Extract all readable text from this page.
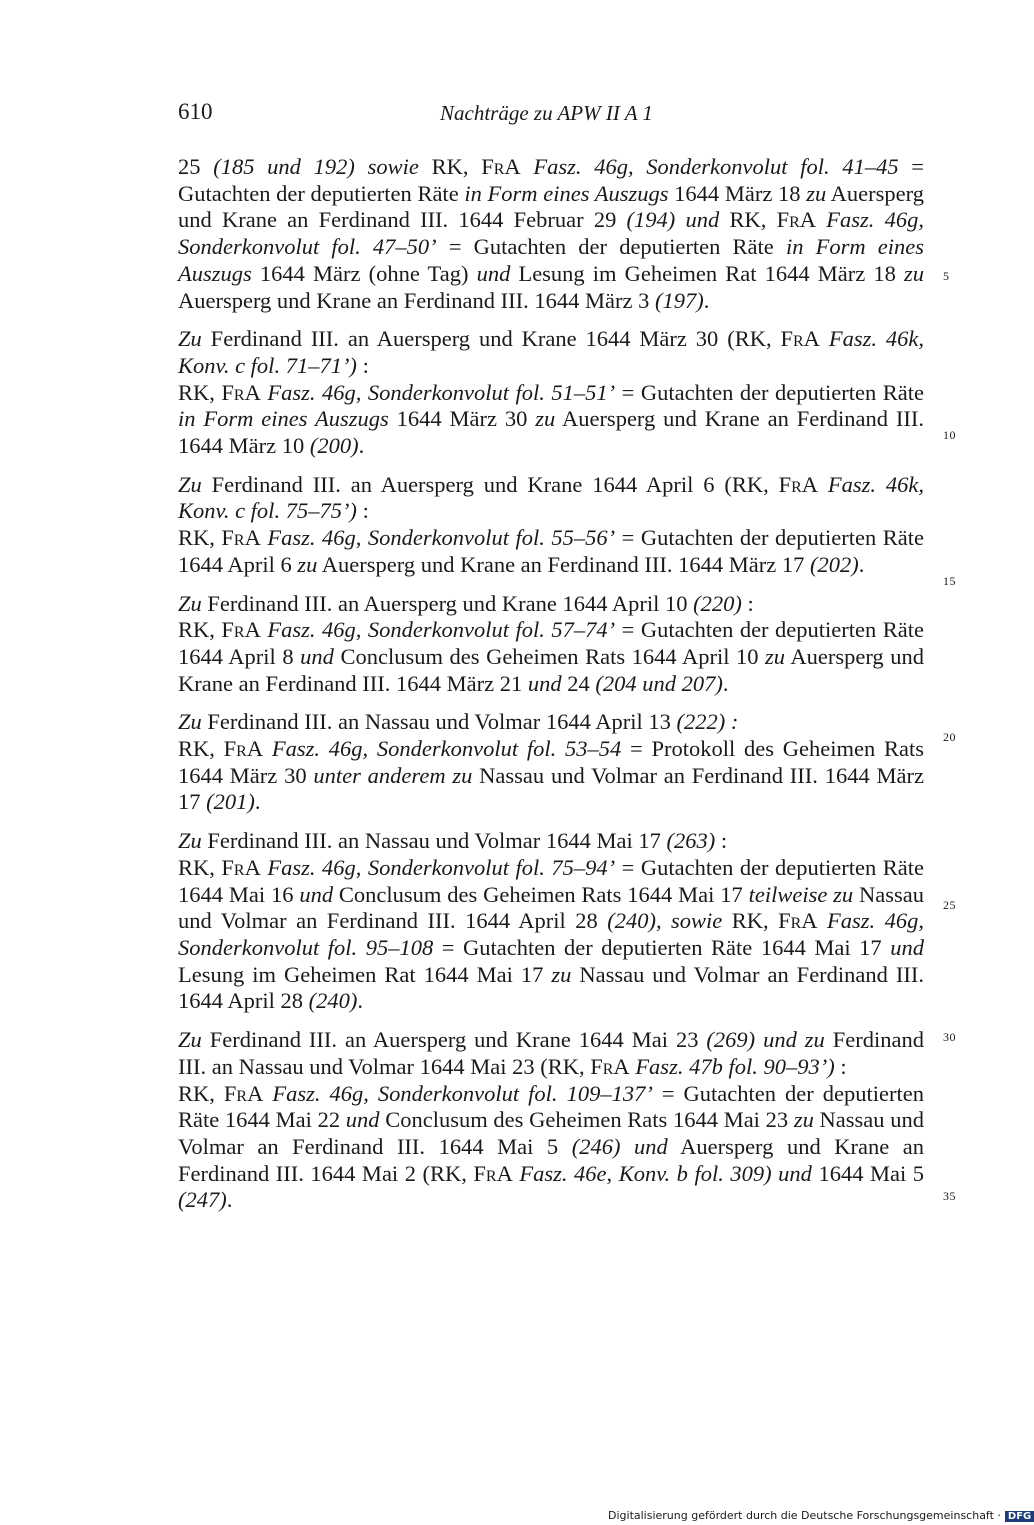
610	Nachträge zu APW II A 1

25 (185 und 192) sowie RK, FrA Fasz. 46g, Sonderkonvolut fol. 41–45 = Gutachten der deputierten Räte in Form eines Auszugs 1644 März 18 zu Auersperg und Krane an Ferdinand III. 1644 Februar 29 (194) und RK, FrA Fasz. 46g, Sonderkonvolut fol. 47–50’ = Gutachten der deputierten Räte in Form eines Auszugs 1644 März (ohne Tag) und Lesung im Geheimen Rat 1644 März 18 zu Auersperg und Krane an Ferdinand III. 1644 März 3 (197).

Zu Ferdinand III. an Auersperg und Krane 1644 März 30 (RK, FrA Fasz. 46k, Konv. c fol. 71–71’) :

RK, FrA Fasz. 46g, Sonderkonvolut fol. 51–51’ = Gutachten der deputierten Räte in Form eines Auszugs 1644 März 30 zu Auersperg und Krane an Ferdinand III. 1644 März 10 (200).

Zu Ferdinand III. an Auersperg und Krane 1644 April 6 (RK, FrA Fasz. 46k, Konv. c fol. 75–75’) :

RK, FrA Fasz. 46g, Sonderkonvolut fol. 55–56’ = Gutachten der deputierten Räte 1644 April 6 zu Auersperg und Krane an Ferdinand III. 1644 März 17 (202).

Zu Ferdinand III. an Auersperg und Krane 1644 April 10 (220) :

RK, FrA Fasz. 46g, Sonderkonvolut fol. 57–74’ = Gutachten der deputierten Räte 1644 April 8 und Conclusum des Geheimen Rats 1644 April 10 zu Auersperg und Krane an Ferdinand III. 1644 März 21 und 24 (204 und 207).

Zu Ferdinand III. an Nassau und Volmar 1644 April 13 (222) :

RK, FrA Fasz. 46g, Sonderkonvolut fol. 53–54 = Protokoll des Geheimen Rats 1644 März 30 unter anderem zu Nassau und Volmar an Ferdinand III. 1644 März 17 (201).

Zu Ferdinand III. an Nassau und Volmar 1644 Mai 17 (263) :

RK, FrA Fasz. 46g, Sonderkonvolut fol. 75–94’ = Gutachten der deputierten Räte 1644 Mai 16 und Conclusum des Geheimen Rats 1644 Mai 17 teilweise zu Nassau und Volmar an Ferdinand III. 1644 April 28 (240), sowie RK, FrA Fasz. 46g, Sonderkonvolut fol. 95–108 = Gutachten der deputierten Räte 1644 Mai 17 und Lesung im Geheimen Rat 1644 Mai 17 zu Nassau und Volmar an Ferdinand III. 1644 April 28 (240).

Zu Ferdinand III. an Auersperg und Krane 1644 Mai 23 (269) und zu Ferdinand III. an Nassau und Volmar 1644 Mai 23 (RK, FrA Fasz. 47b fol. 90–93’) :

RK, FrA Fasz. 46g, Sonderkonvolut fol. 109–137’ = Gutachten der deputierten Räte 1644 Mai 22 und Conclusum des Geheimen Rats 1644 Mai 23 zu Nassau und Volmar an Ferdinand III. 1644 Mai 5 (246) und Auersperg und Krane an Ferdinand III. 1644 Mai 2 (RK, FrA Fasz. 46e, Konv. b fol. 309) und 1644 Mai 5 (247).

5
10
15
20
25
30
35
Digitalisierung gefördert durch die Deutsche Forschungsgemeinschaft · DFG
